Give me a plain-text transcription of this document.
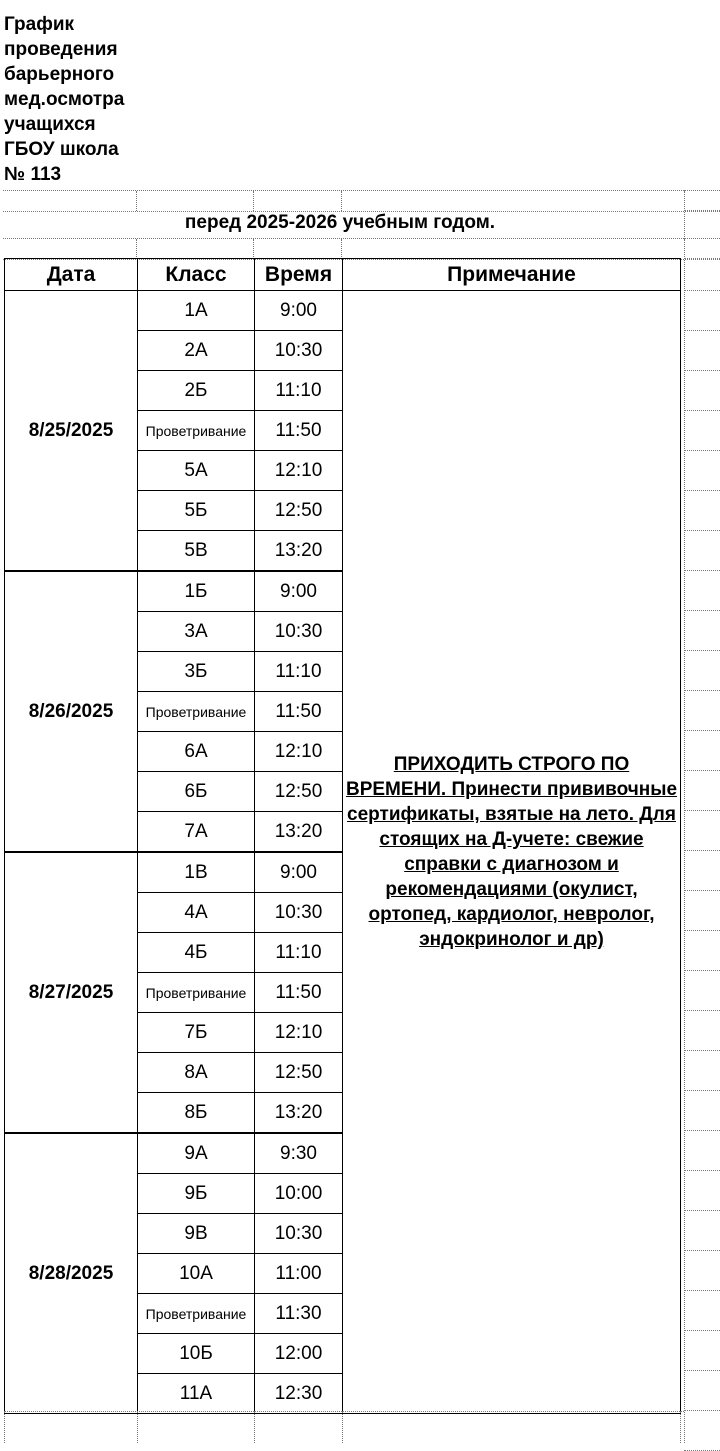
График
проведения
барьерного
мед.осмотра
учащихся
ГБОУ школа
№ 113
перед 2025-2026 учебным годом.
Дата	Класс	Время	Примечание
8/25/2025	1А	9:00	ПРИХОДИТЬ СТРОГО ПО ВРЕМЕНИ. Принести прививочные сертификаты, взятые на лето. Для стоящих на Д-учете: свежие справки с диагнозом и рекомендациями (окулист, ортопед, кардиолог, невролог, эндокринолог и др)
	2А	10:30	
	2Б	11:10	
	Проветривание	11:50	
	5А	12:10	
	5Б	12:50	
	5В	13:20	
8/26/2025	1Б	9:00	
	3А	10:30	
	3Б	11:10	
	Проветривание	11:50	
	6А	12:10	
	6Б	12:50	
	7А	13:20	
8/27/2025	1В	9:00	
	4А	10:30	
	4Б	11:10	
	Проветривание	11:50	
	7Б	12:10	
	8А	12:50	
	8Б	13:20	
8/28/2025	9А	9:30	
	9Б	10:00	
	9В	10:30	
	10А	11:00	
	Проветривание	11:30	
	10Б	12:00	
	11А	12:30	
